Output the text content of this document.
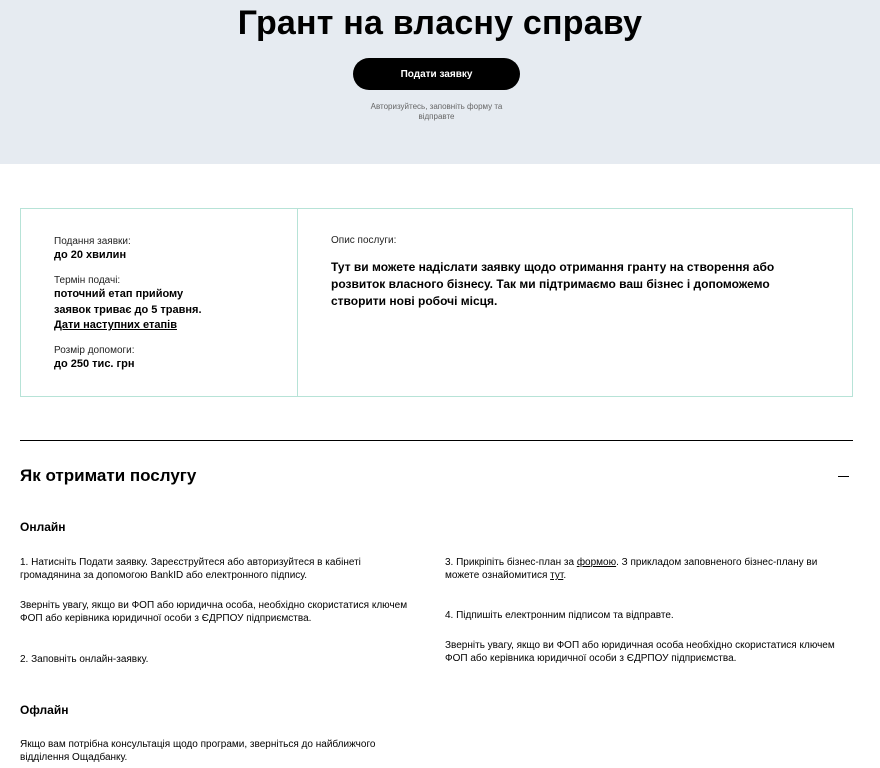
Грант на власну справу
Подати заявку
Авторизуйтесь, заповніть форму та відправте
Подання заявки:
до 20 хвилин
Термін подачі:
поточний етап прийому
заявок триває до 5 травня.
Дати наступних етапів
Розмір допомоги:
до 250 тис. грн
Опис послуги:
Тут ви можете надіслати заявку щодо отримання гранту на створення або розвиток власного бізнесу. Так ми підтримаємо ваш бізнес і допоможемо створити нові робочі місця.
Як отримати послугу
Онлайн
1. Натисніть Подати заявку. Зареєструйтеся або авторизуйтеся в кабінеті громадянина за допомогою BankID або електронного підпису.
Зверніть увагу, якщо ви ФОП або юридична особа, необхідно скористатися ключем ФОП або керівника юридичної особи з ЄДРПОУ підприємства.
2. Заповніть онлайн-заявку.
3. Прикріпіть бізнес-план за формою. З прикладом заповненого бізнес-плану ви можете ознайомитися тут.
4. Підпишіть електронним підписом та відправте.
Зверніть увагу, якщо ви ФОП або юридичная особа необхідно скористатися ключем ФОП або керівника юридичної особи з ЄДРПОУ підприємства.
Офлайн
Якщо вам потрібна консультація щодо програми, зверніться до найближчого відділення Ощадбанку.
